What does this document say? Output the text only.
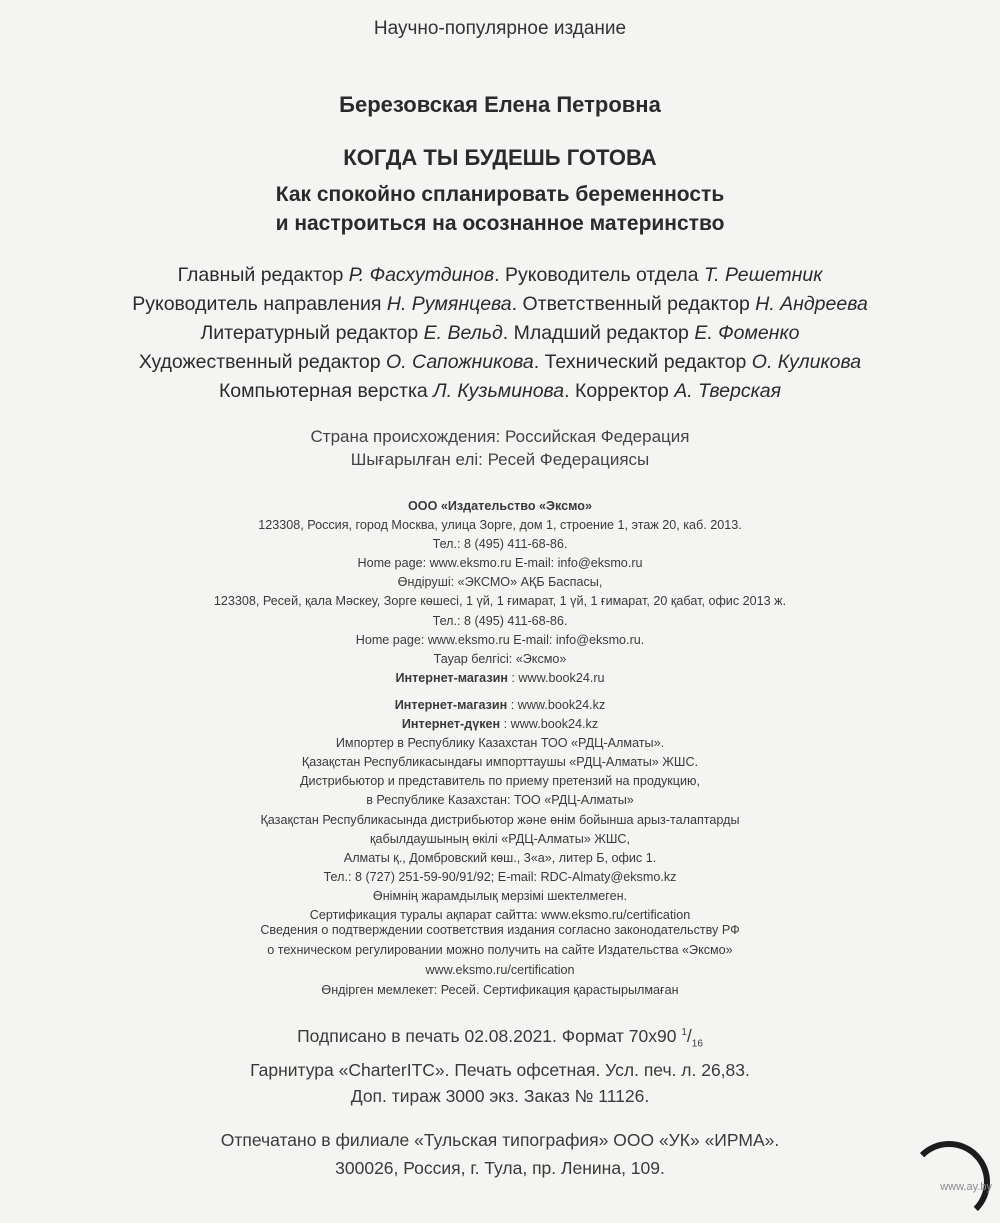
Научно-популярное издание
Березовская Елена Петровна
КОГДА ТЫ БУДЕШЬ ГОТОВА
Как спокойно спланировать беременность
и настроиться на осознанное материнство
Главный редактор Р. Фасхутдинов. Руководитель отдела Т. Решетник
Руководитель направления Н. Румянцева. Ответственный редактор Н. Андреева
Литературный редактор Е. Вельд. Младший редактор Е. Фоменко
Художественный редактор О. Сапожникова. Технический редактор О. Куликова
Компьютерная верстка Л. Кузьминова. Корректор А. Тверская
Страна происхождения: Российская Федерация
Шығарылған елі: Ресей Федерациясы
ООО «Издательство «Эксмо»
123308, Россия, город Москва, улица Зорге, дом 1, строение 1, этаж 20, каб. 2013.
Тел.: 8 (495) 411-68-86.
Home page: www.eksmo.ru E-mail: info@eksmo.ru
Өндіруші: «ЭКСМО» АҚБ Баспасы,
123308, Ресей, қала Мәскеу, Зорге көшесі, 1 үй, 1 ғимарат, 1 үй, 1 ғимарат, 20 қабат, офис 2013 ж.
Тел.: 8 (495) 411-68-86.
Home page: www.eksmo.ru E-mail: info@eksmo.ru.
Тауар белгісі: «Эксмо»
Интернет-магазин : www.book24.ru
Интернет-магазин : www.book24.kz
Интернет-дүкен : www.book24.kz
Импортер в Республику Казахстан ТОО «РДЦ-Алматы».
Қазақстан Республикасындағы импорттаушы «РДЦ-Алматы» ЖШС.
Дистрибьютор и представитель по приему претензий на продукцию,
в Республике Казахстан: ТОО «РДЦ-Алматы»
Қазақстан Республикасында дистрибьютор және өнім бойынша арыз-талаптарды
қабылдаушының өкілі «РДЦ-Алматы» ЖШС,
Алматы қ., Домбровский көш., 3«а», литер Б, офис 1.
Тел.: 8 (727) 251-59-90/91/92; E-mail: RDC-Almaty@eksmo.kz
Өнімнің жарамдылық мерзімі шектелмеген.
Сертификация туралы ақпарат сайтта: www.eksmo.ru/certification
Сведения о подтверждении соответствия издания согласно законодательству РФ
о техническом регулировании можно получить на сайте Издательства «Эксмо»
www.eksmo.ru/certification
Өндірген мемлекет: Ресей. Сертификация қарастырылмаған
Подписано в печать 02.08.2021. Формат 70x90 $^1/_{16}$
Гарнитура «CharterITC». Печать офсетная. Усл. печ. л. 26,83.
Доп. тираж 3000 экз. Заказ № 11126.
Отпечатано в филиале «Тульская типография» ООО «УК» «ИРМА».
300026, Россия, г. Тула, пр. Ленина, 109.
www.ay.by
